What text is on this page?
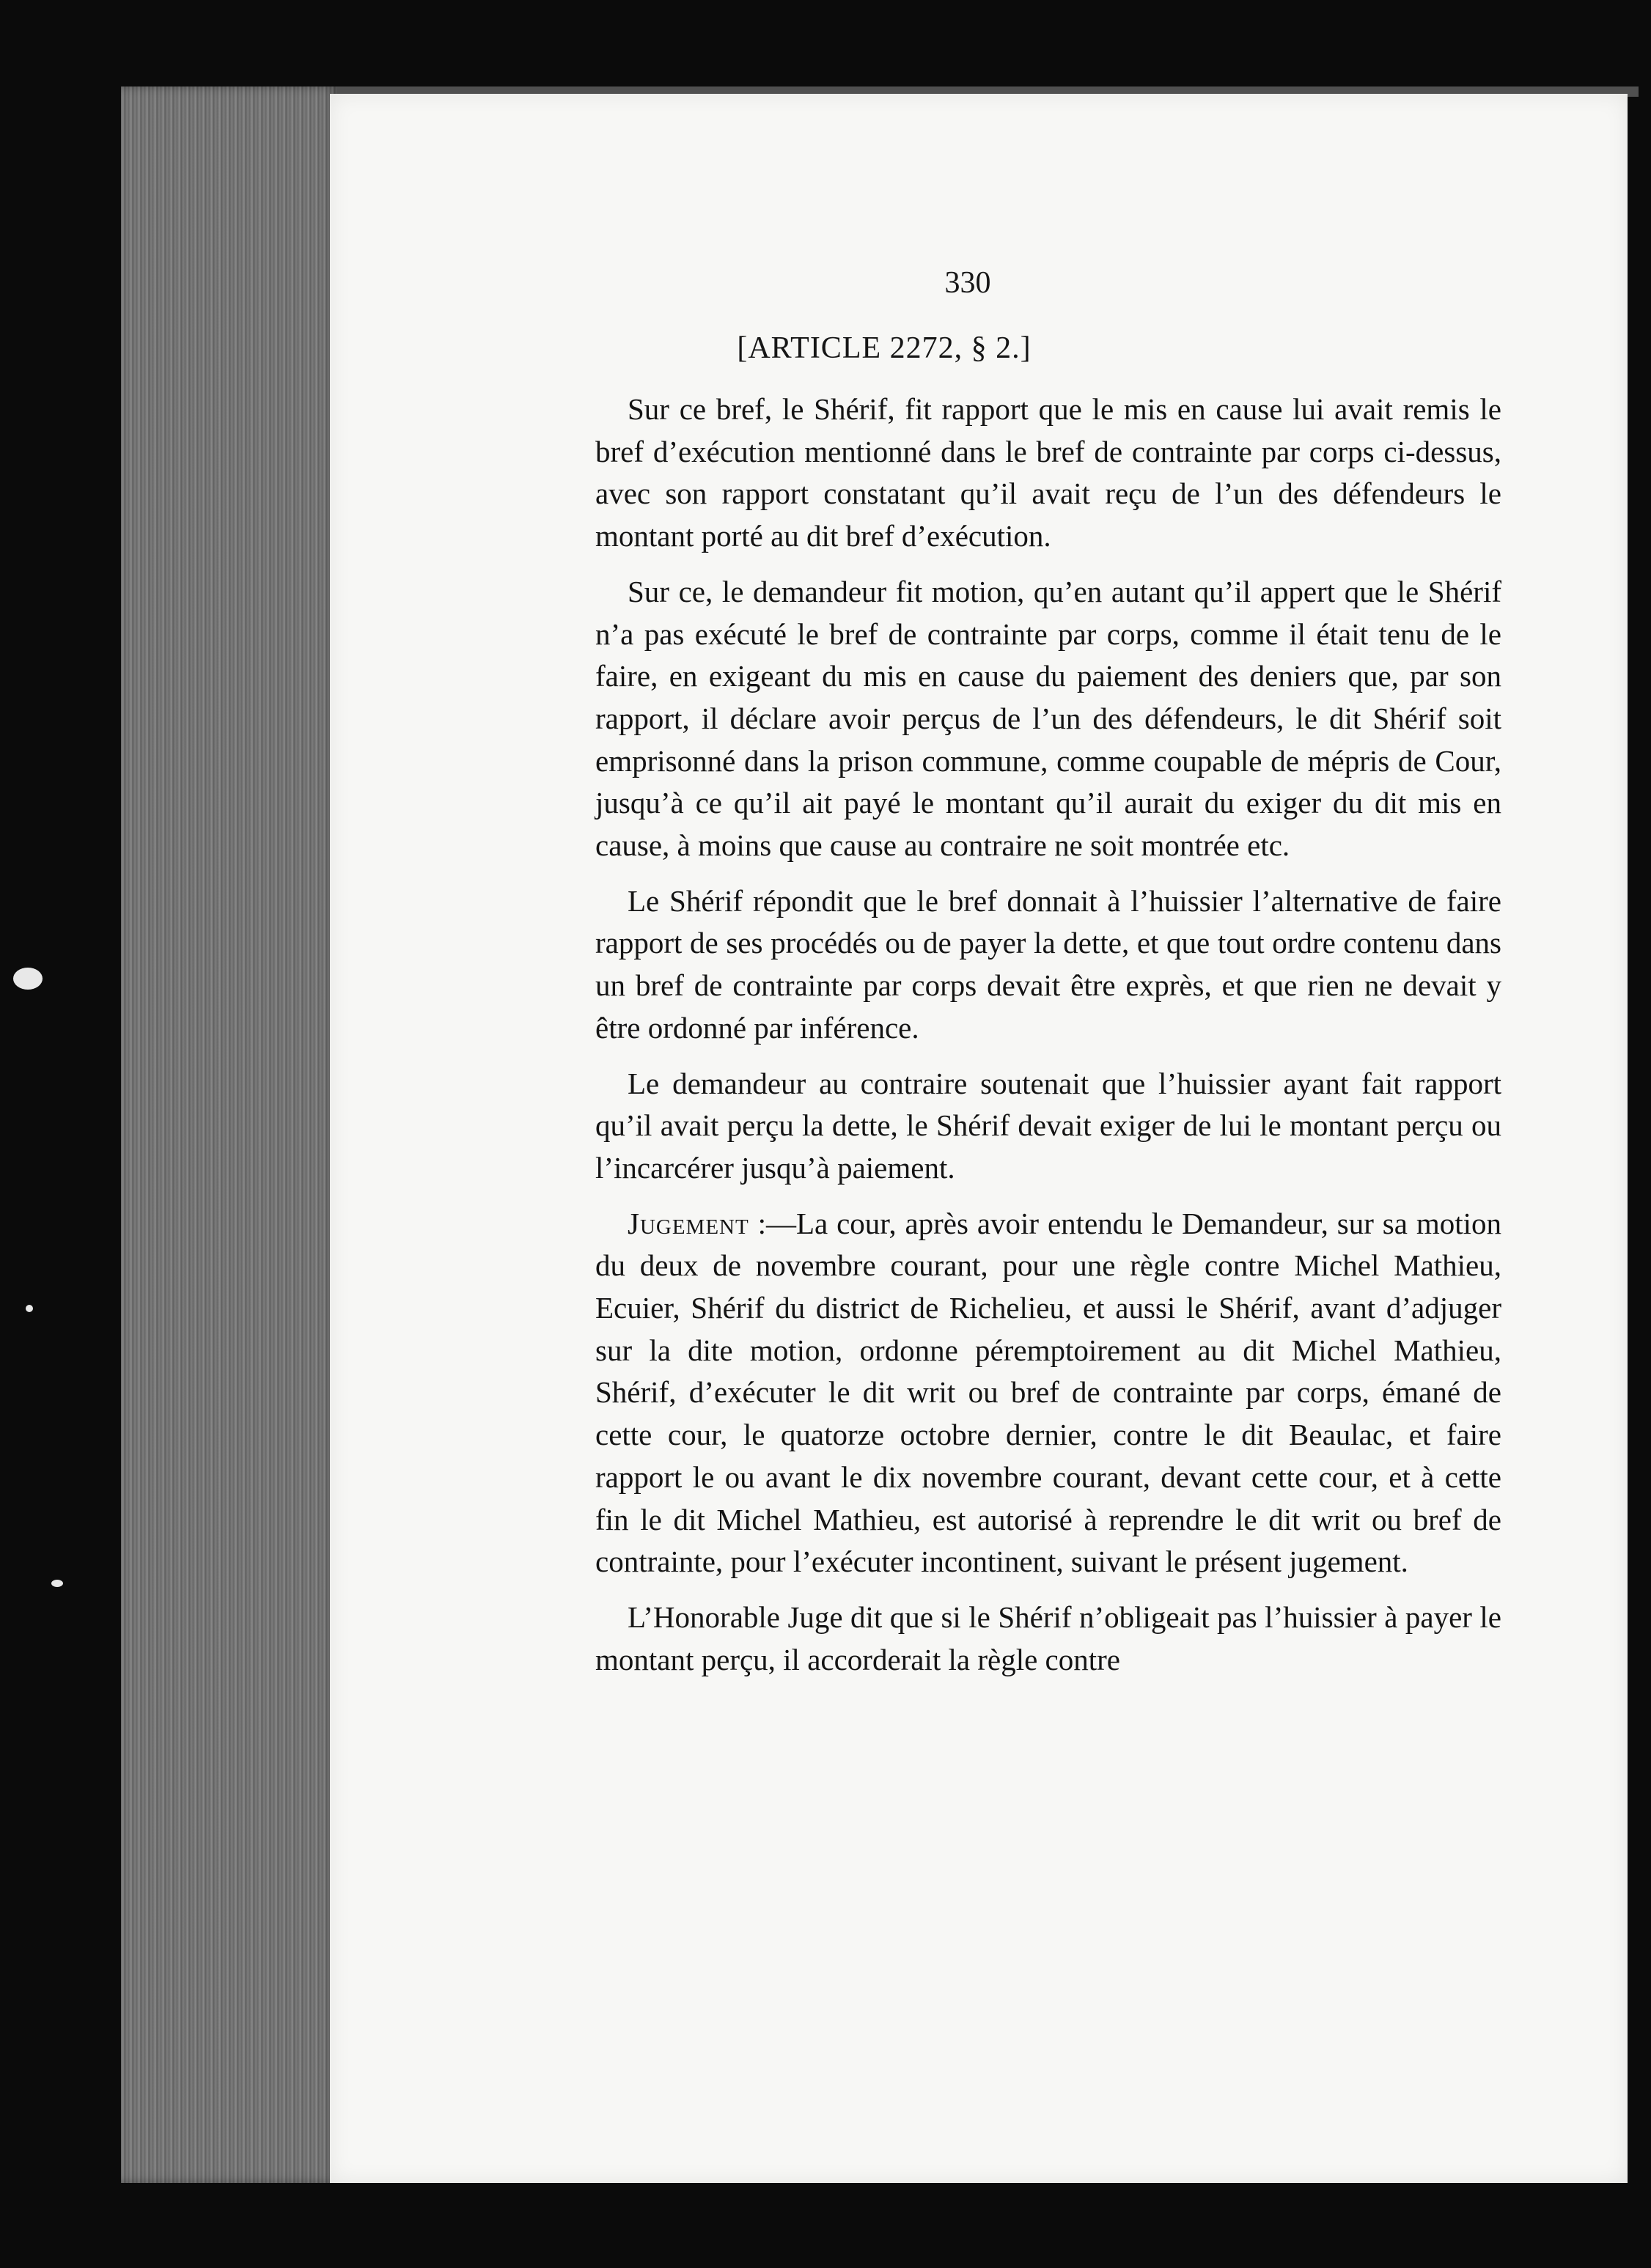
330
[ARTICLE 2272, § 2.]

Sur ce bref, le Shérif, fit rapport que le mis en cause lui avait remis le bref d’exécution mentionné dans le bref de contrainte par corps ci-dessus, avec son rapport constatant qu’il avait reçu de l’un des défendeurs le montant porté au dit bref d’exécution.

Sur ce, le demandeur fit motion, qu’en autant qu’il appert que le Shérif n’a pas exécuté le bref de contrainte par corps, comme il était tenu de le faire, en exigeant du mis en cause du paiement des deniers que, par son rapport, il déclare avoir perçus de l’un des défendeurs, le dit Shérif soit emprisonné dans la prison commune, comme coupable de mépris de Cour, jusqu’à ce qu’il ait payé le montant qu’il aurait du exiger du dit mis en cause, à moins que cause au contraire ne soit montrée etc.

Le Shérif répondit que le bref donnait à l’huissier l’alternative de faire rapport de ses procédés ou de payer la dette, et que tout ordre contenu dans un bref de contrainte par corps devait être exprès, et que rien ne devait y être ordonné par inférence.

Le demandeur au contraire soutenait que l’huissier ayant fait rapport qu’il avait perçu la dette, le Shérif devait exiger de lui le montant perçu ou l’incarcérer jusqu’à paiement.

Jugement :—La cour, après avoir entendu le Demandeur, sur sa motion du deux de novembre courant, pour une règle contre Michel Mathieu, Ecuier, Shérif du district de Richelieu, et aussi le Shérif, avant d’adjuger sur la dite motion, ordonne péremptoirement au dit Michel Mathieu, Shérif, d’exécuter le dit writ ou bref de contrainte par corps, émané de cette cour, le quatorze octobre dernier, contre le dit Beaulac, et faire rapport le ou avant le dix novembre courant, devant cette cour, et à cette fin le dit Michel Mathieu, est autorisé à reprendre le dit writ ou bref de contrainte, pour l’exécuter incontinent, suivant le présent jugement.

L’Honorable Juge dit que si le Shérif n’obligeait pas l’huissier à payer le montant perçu, il accorderait la règle contre
